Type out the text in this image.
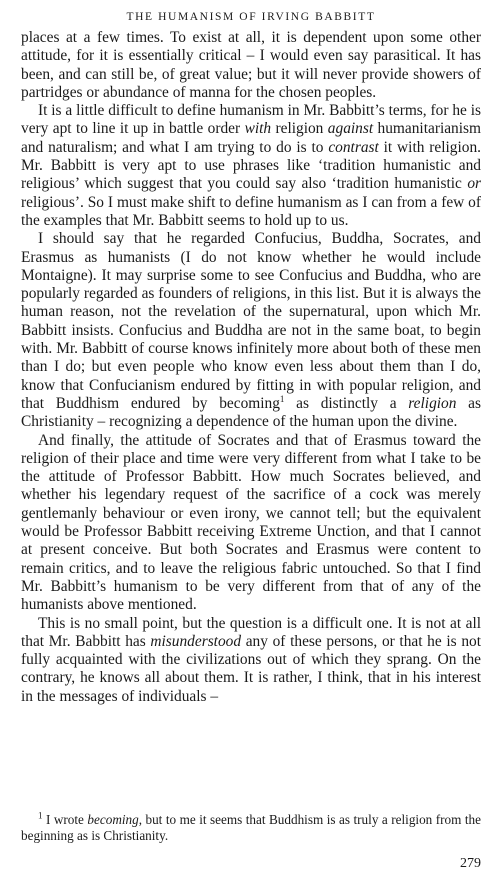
THE HUMANISM OF IRVING BABBITT

places at a few times. To exist at all, it is dependent upon some other attitude, for it is essentially critical – I would even say parasitical. It has been, and can still be, of great value; but it will never provide showers of partridges or abundance of manna for the chosen peoples.

It is a little difficult to define humanism in Mr. Babbitt’s terms, for he is very apt to line it up in battle order with religion against humanitarianism and naturalism; and what I am trying to do is to contrast it with religion. Mr. Babbitt is very apt to use phrases like ‘tradition humanistic and religious’ which suggest that you could say also ‘tradition humanistic or religious’. So I must make shift to define humanism as I can from a few of the examples that Mr. Babbitt seems to hold up to us.

I should say that he regarded Confucius, Buddha, Socrates, and Erasmus as humanists (I do not know whether he would include Montaigne). It may surprise some to see Confucius and Buddha, who are popularly regarded as founders of religions, in this list. But it is always the human reason, not the revelation of the supernatural, upon which Mr. Babbitt insists. Confucius and Buddha are not in the same boat, to begin with. Mr. Babbitt of course knows infinitely more about both of these men than I do; but even people who know even less about them than I do, know that Confucianism endured by fitting in with popular religion, and that Buddhism endured by becoming$^1$ as distinctly a religion as Christianity – recognizing a dependence of the human upon the divine.

And finally, the attitude of Socrates and that of Erasmus toward the religion of their place and time were very different from what I take to be the attitude of Professor Babbitt. How much Socrates believed, and whether his legendary request of the sacrifice of a cock was merely gentlemanly behaviour or even irony, we cannot tell; but the equivalent would be Professor Babbitt receiving Extreme Unction, and that I cannot at present conceive. But both Socrates and Erasmus were content to remain critics, and to leave the religious fabric untouched. So that I find Mr. Babbitt’s humanism to be very different from that of any of the humanists above mentioned.

This is no small point, but the question is a difficult one. It is not at all that Mr. Babbitt has misunderstood any of these persons, or that he is not fully acquainted with the civilizations out of which they sprang. On the contrary, he knows all about them. It is rather, I think, that in his interest in the messages of individuals –

$^1$ I wrote becoming, but to me it seems that Buddhism is as truly a religion from the beginning as is Christianity.

279
